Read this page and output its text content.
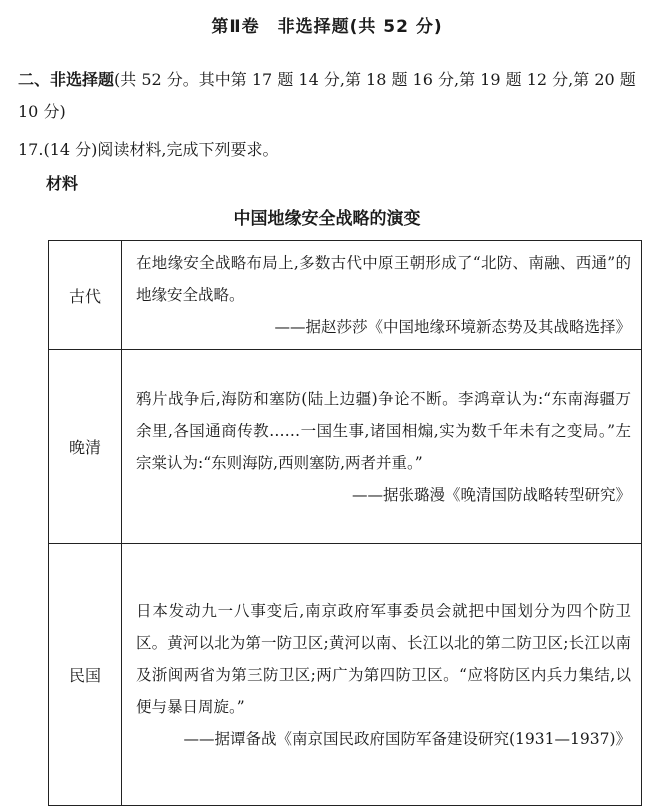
第Ⅱ卷　非选择题(共 52 分)
二、非选择题(共 52 分。其中第 17 题 14 分,第 18 题 16 分,第 19 题 12 分,第 20 题 10 分)
17.(14 分)阅读材料,完成下列要求。
材料
中国地缘安全战略的演变
古代	在地缘安全战略布局上,多数古代中原王朝形成了“北防、南融、西通”的地缘安全战略。
——据赵莎莎《中国地缘环境新态势及其战略选择》

晚清	鸦片战争后,海防和塞防(陆上边疆)争论不断。李鸿章认为:“东南海疆万余里,各国通商传教……一国生事,诸国相煽,实为数千年未有之变局。”左宗棠认为:“东则海防,西则塞防,两者并重。”
——据张璐漫《晚清国防战略转型研究》

民国	日本发动九一八事变后,南京政府军事委员会就把中国划分为四个防卫区。黄河以北为第一防卫区;黄河以南、长江以北的第二防卫区;长江以南及浙闽两省为第三防卫区;两广为第四防卫区。“应将防区内兵力集结,以便与暴日周旋。”
——据谭备战《南京国民政府国防军备建设研究(1931—1937)》
